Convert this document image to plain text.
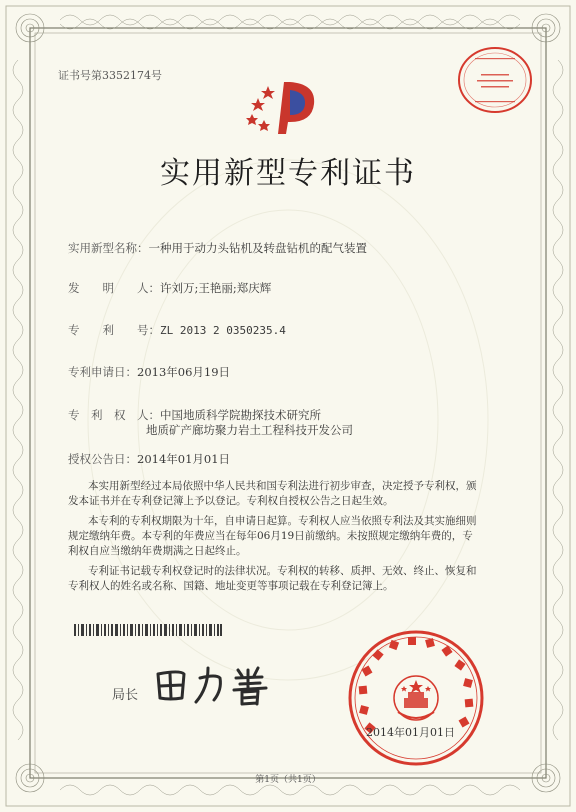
证书号第3352174号
实用新型专利证书
实用新型名称：一种用于动力头钻机及转盘钻机的配气装置
发　　明　　人：许刘万;王艳丽;郑庆辉
专　　利　　号：ZL 2013 2 0350235.4
专利申请日：2013年06月19日
专　利　权　人：中国地质科学院勘探技术研究所
地质矿产廊坊聚力岩土工程科技开发公司
授权公告日：2014年01月01日
本实用新型经过本局依照中华人民共和国专利法进行初步审查，决定授予专利权，颁
发本证书并在专利登记簿上予以登记。专利权自授权公告之日起生效。
本专利的专利权期限为十年，自申请日起算。专利权人应当依照专利法及其实施细则
规定缴纳年费。本专利的年费应当在每年06月19日前缴纳。未按照规定缴纳年费的，专
利权自应当缴纳年费期满之日起终止。
专利证书记载专利权登记时的法律状况。专利权的转移、质押、无效、终止、恢复和
专利权人的姓名或名称、国籍、地址变更等事项记载在专利登记簿上。
局长
2014年01月01日
第1页（共1页）
